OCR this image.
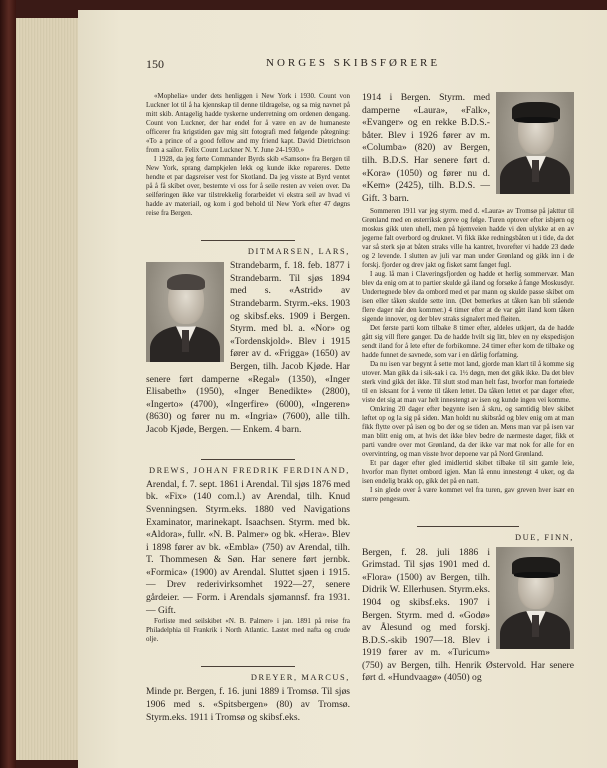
150	NORGES SKIBSFØRERE

«Mophelia» under dets henliggen i New York i 1930. Count von Luckner lot til å ha kjennskap til denne tildragelse, og sa mig navnet på mitt skib. Antagelig hadde tyskerne underretning om ordenen dengang. Count von Luckner, der har endel for å være en av de humaneste officerer fra krigstiden gav mig sitt fotografi med følgende påtegning: «To a prince of a good fellow and my friend kapt. David Dietrichson from a sailor. Felix Count Luckner N. Y. June 24-1930.»

I 1928, da jeg førte Commander Byrds skib «Samson» fra Bergen til New York, sprang dampkjelen lekk og kunde ikke repareres. Dette hendte et par dagsreiser vest for Skotland. Da jeg visste at Byrd ventet på å få skibet over, bestemte vi oss for å seile resten av veien over. Da seilføringen ikke var tilstrekkelig forarbeidet vi ekstra seil av hvad vi hadde av materiail, og kom i god behold til New York efter 47 døgns reise fra Bergen.

DITMARSEN, LARS,

Strandebarm, f. 18. feb. 1877 i Strandebarm. Til sjøs 1894 med s. «Astrid» av Strandebarm. Styrm.-eks. 1903 og skibsf.eks. 1909 i Bergen. Styrm. med bl. a. «Nor» og «Tordenskjold». Blev i 1915 fører av d. «Frigga» (1650) av Bergen, tilh. Jacob Kjøde. Har senere ført damperne «Regal» (1350), «Inger Elisabeth» (1950), «Inger Benedikte» (2800), «Ingerto» (4700), «Ingerfire» (6000), «Ingeren» (8630) og fører nu m. «Ingria» (7600), alle tilh. Jacob Kjøde, Bergen. — Enkem. 4 barn.

DREWS, JOHAN FREDRIK FERDINAND,

Arendal, f. 7. sept. 1861 i Arendal. Til sjøs 1876 med bk. «Fix» (140 com.l.) av Arendal, tilh. Knud Svenningsen. Styrm.eks. 1880 ved Navigations Examinator, marinekapt. Isaachsen. Styrm. med bk. «Aldora», fullr. «N. B. Palmer» og bk. «Hera». Blev i 1898 fører av bk. «Embla» (750) av Arendal, tilh. T. Thommesen & Søn. Har senere ført jernbk. «Formica» (1900) av Arendal. Sluttet sjøen i 1915. — Drev rederivirksomhet 1922—27, senere gårdeier. — Form. i Arendals sjømannsf. fra 1931. — Gift.

Forliste med seilskibet «N. B. Palmer» i jan. 1891 på reise fra Philadelphia til Frankrik i North Atlantic. Lastet med nafta og crude olje.

DREYER, MARCUS,

Minde pr. Bergen, f. 16. juni 1889 i Tromsø. Til sjøs 1906 med s. «Spitsbergen» (80) av Tromsø. Styrm.eks. 1911 i Tromsø og skibsf.eks.

1914 i Bergen. Styrm. med damperne «Laura», «Falk», «Evanger» og en rekke B.D.S.-båter. Blev i 1926 fører av m. «Columba» (820) av Bergen, tilh. B.D.S. Har senere ført d. «Kora» (1050) og fører nu d. «Kem» (2425), tilh. B.D.S. — Gift. 3 barn.

Sommeren 1911 var jeg styrm. med d. «Laura» av Tromsø på jakttur til Grønland med en østerriksk greve og følge. Turen optover efter isbjørn og moskus gikk uten uhell, men på hjemveien hadde vi den ulykke at en av jegerne falt overbord og druknet. Vi fikk ikke redningsbåten ut i tide, da det var så sterk sjø at båten straks ville ha kantret, hvorefter vi hadde 23 døde og 2 levende. I slutten av juli var man under Grønland og gikk inn i de forskj. fjorder og drev jakt og fisket samt fanget fugl.

I aug. lå man i Claveringsfjorden og hadde et herlig sommervær. Man blev da enig om at to partier skulde gå iland og forsøke å fange Moskusdyr. Undertegnede blev da ombord med et par mann og skulde passe skibet om isen eller tåken skulde sette inn. (Det bemerkes at tåken kan bli stående flere dager når den kommer.) 4 timer efter at de var gått iland kom tåken sigende innover, og der blev straks signalert med fløiten.

Det første parti kom tilbake 8 timer efter, aldeles utkjørt, da de hadde gått sig vill flere ganger. Da de hadde hvilt sig litt, blev en ny ekspedisjon sendt iland for å lete efter de forbikomne. 24 timer efter kom de tilbake og hadde funnet de savnede, som var i en dårlig forfatning.

Da nu isen var begynt å sette mot land, gjorde man klart til å komme sig utover. Man gikk da i sik-sak i ca. 1½ døgn, men det gikk ikke. Da det blev sterk vind gikk det ikke. Til slutt stod man helt fast, hvorfor man fortøiede til en isksant for å vente til tåken lettet. Da tåken lettet et par dager efter, viste det sig at man var helt innestengt av isen og kunde ingen vei komme.

Omkring 20 dager efter begynte isen å skru, og samtidig blev skibet løftet op og la sig på siden. Man holdt nu skibsråd og blev enig om at man fikk flytte over på isen og bo der og se tiden an. Mens man var på isen var man blitt enig om, at hvis det ikke blev bedre de nærmeste dager, fikk et parti vandre over mot Grønland, da der ikke var mat nok for alle for en overvintring, og man visste hvor depoene var på Nord Grønland.

Et par dager efter gled imidlertid skibet tilbake til sitt gamle leie, hvorfor man flyttet ombord igjen. Man lå ennu innestengt 4 uker, og da isen endelig brakk op, gikk det på en natt.

I sin glede over å være kommet vel fra turen, gav greven hver især en større pengesum.

DUE, FINN,

Bergen, f. 28. juli 1886 i Grimstad. Til sjøs 1901 med d. «Flora» (1500) av Bergen, tilh. Didrik W. Ellerhusen. Styrm.eks. 1904 og skibsf.eks. 1907 i Bergen. Styrm. med d. «Godø» av Ålesund og med forskj. B.D.S.-skib 1907—18. Blev i 1919 fører av m. «Turicum» (750) av Bergen, tilh. Henrik Østervold. Har senere ført d. «Hundvaagø» (4050) og
